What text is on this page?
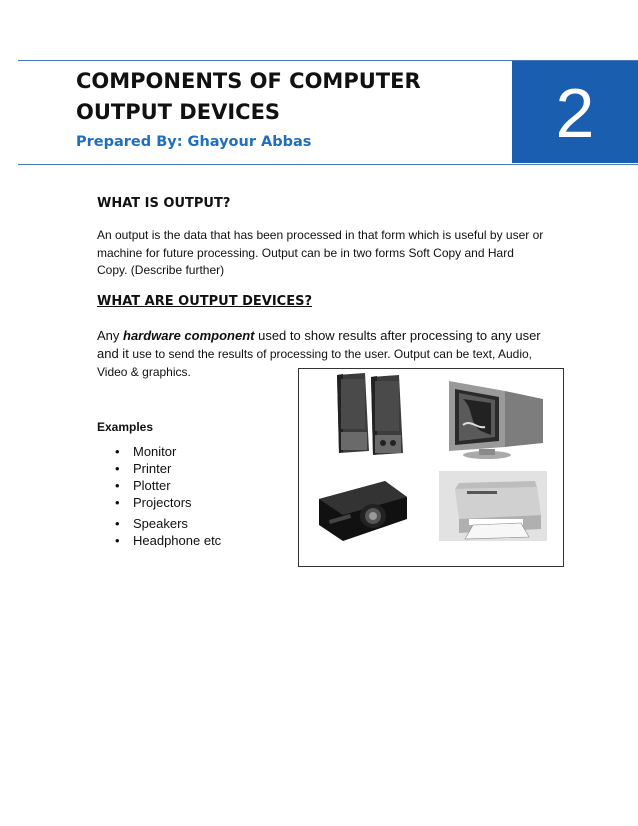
COMPONENTS OF COMPUTER
OUTPUT DEVICES

Prepared By: Ghayour Abbas	2
WHAT IS OUTPUT?

An output is the data that has been processed in that form which is useful by user or machine for future processing. Output can be in two forms Soft Copy and Hard Copy. (Describe further)

WHAT ARE OUTPUT DEVICES?

Any hardware component used to show results after processing to any user and it use to send the results of processing to the user. Output can be text, Audio, Video & graphics.

Examples

• Monitor
• Printer
• Plotter
• Projectors
• Speakers
• Headphone etc
